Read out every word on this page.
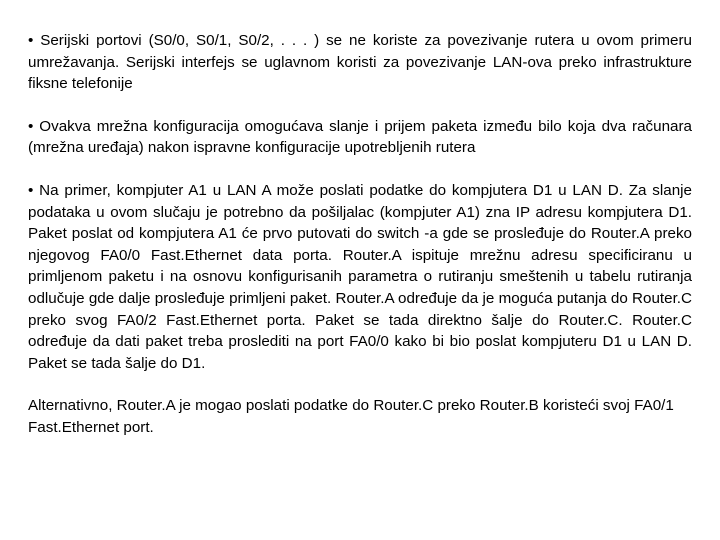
• Serijski portovi (S0/0, S0/1, S0/2, . . . ) se ne koriste za povezivanje rutera u ovom primeru umrežavanja. Serijski interfejs se uglavnom koristi za povezivanje LAN-ova preko infrastrukture fiksne telefonije

• Ovakva mrežna konfiguracija omogućava slanje i prijem paketa između bilo koja dva računara (mrežna uređaja) nakon ispravne konfiguracije upotrebljenih rutera

• Na primer, kompjuter A1 u LAN A može poslati podatke do kompjutera D1 u LAN D. Za slanje podataka u ovom slučaju je potrebno da pošiljalac (kompjuter A1) zna IP adresu kompjutera D1. Paket poslat od kompjutera A1 će prvo putovati do switch -a gde se prosleđuje do Router.A preko njegovog FA0/0 Fast.Ethernet data porta. Router.A ispituje mrežnu adresu specificiranu u primljenom paketu i na osnovu konfigurisanih parametra o rutiranju smeštenih u tabelu rutiranja odlučuje gde dalje prosleđuje primljeni paket. Router.A određuje da je moguća putanja do Router.C preko svog FA0/2 Fast.Ethernet porta. Paket se tada direktno šalje do Router.C. Router.C određuje da dati paket treba proslediti na port FA0/0 kako bi bio poslat kompjuteru D1 u LAN D. Paket se tada šalje do D1.

Alternativno, Router.A je mogao poslati podatke do Router.C preko Router.B koristeći svoj FA0/1 Fast.Ethernet port.
